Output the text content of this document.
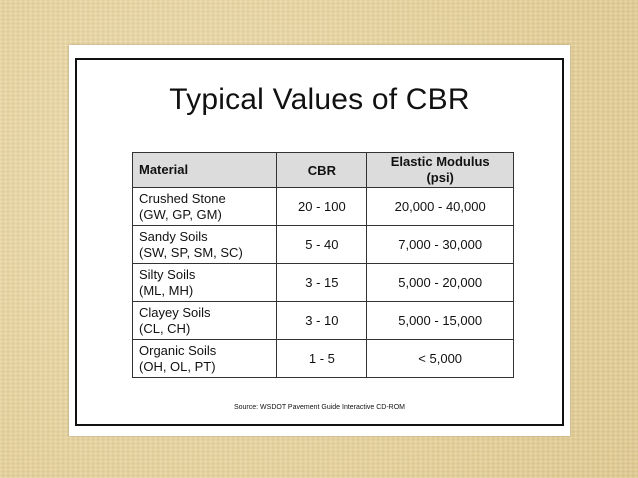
Typical Values of CBR
Material	CBR	Elastic Modulus
(psi)

Crushed Stone
(GW, GP, GM)	20 - 100	20,000 - 40,000

Sandy Soils
(SW, SP, SM, SC)	5 - 40	7,000 - 30,000

Silty Soils
(ML, MH)	3 - 15	5,000 - 20,000

Clayey Soils
(CL, CH)	3 - 10	5,000 - 15,000

Organic Soils
(OH, OL, PT)	1 - 5	< 5,000
Source: WSDOT Pavement Guide Interactive CD-ROM
